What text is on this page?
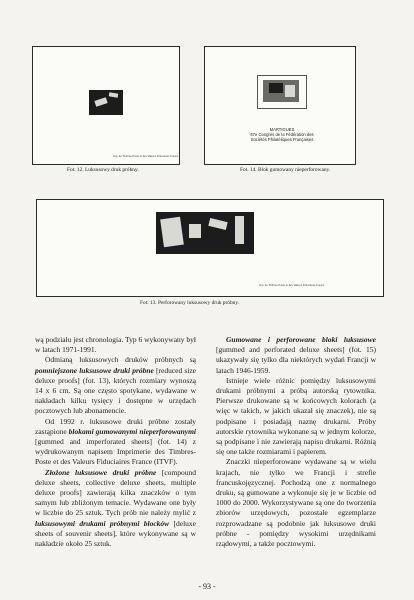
Imp. de Timbres-Poste et des Valeurs Fiduciaires France
Fot. 12. Luksusowy druk próbny.
MARTIGUES
67e Congrès de la Fédération des
Sociétés Philatéliques Françaises
Fot. 14. Blok gumowany nieperforowany.
Imp. de Timbres-Poste et des Valeurs Fiduciaires France
Fot. 13. Perforowany luksusowy druk próbny.

wą podziału jest chronologia. Typ 6 wykonywany był w latach 1971-1991.

Odmianą luksusowych druków próbnych są pomniejszone luksusowe druki próbne [reduced size deluxe proofs] (fot. 13), których rozmiary wynoszą 14 x 6 cm. Są one często spotykane, wydawane w nakładach kilku tysięcy i dostępne w urzędach pocztowych lub abonamencie.

Od 1992 r. luksusowe druki próbne zostały zastąpione blokami gumowanymi nieperforowanymi [gummed and imperforated sheets] (fot. 14) z wydrukowanym napisem Imprimerie des Timbres-Poste et des Valeurs Fiduciaires France (ITVF).

Złożone luksusowe druki próbne [compound deluxe sheets, collective deluxe sheets, multiple deluxe proofs] zawierają kilka znaczków o tym samym lub zbliżonym temacie. Wydawane one były w liczbie do 25 sztuk. Tych prób nie należy mylić z luksusowymi drukami próbnymi blocków [deluxe sheets of souvenir sheets], które wykonywane są w nakładzie około 25 sztuk.

Gumowane i perforowane bloki luksusowe [gummed and perforated deluxe sheets] (fot. 15) ukazywały się tylko dla niektórych wydań Francji w latach 1946-1959.

Istnieje wiele różnic pomiędzy luksusowymi drukami próbnymi a próbą autorską rytownika. Pierwsze drukowane są w końcowych kolorach (a więc w takich, w jakich ukazał się znaczek), nie są podpisane i posiadają naznę drukarni. Próby autorskie rytownika wykonane są w jednym kolorze, są podpisane i nie zawierają napisu drukarni. Różnią się one także rozmiarami i papierem.

Znaczki nieperforowane wydawane są w wielu krajach, nie tylko we Francji i strefie francuskojęzycznej. Pochodzą one z normalnego druku, są gumowane a wykonuje się je w liczbie od 1000 do 2000. Wykorzystywane są one do tworzenia zbiorów urzędowych, pozostałe egzemplarze rozprowadzane są podobnie jak luksusowe druki próbne - pomiędzy wysokimi urzędnikami rządowymi, a także pocztowymi.

- 93 -
